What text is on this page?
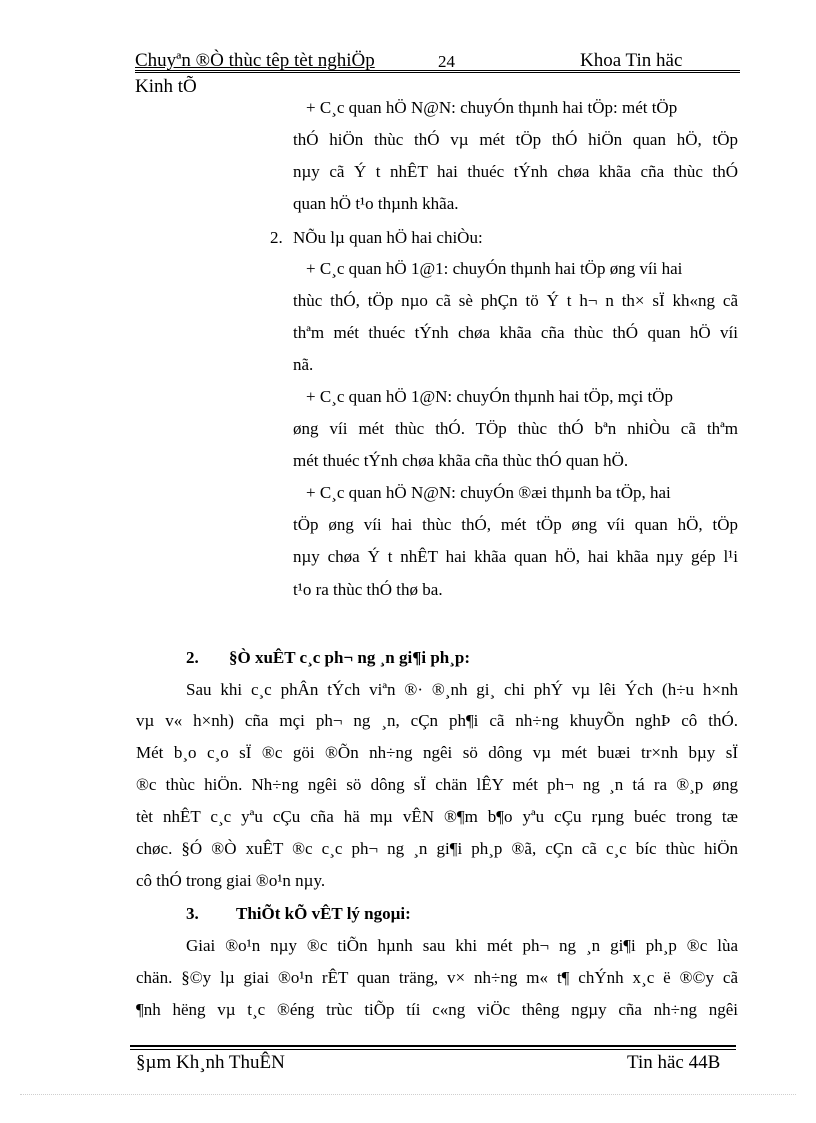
Chuyªn ®Ò thùc têp tèt nghiÖp	24	Khoa Tin häc
Kinh tÕ
+ C¸c quan hÖ N@N: chuyÓn thµnh hai tÖp: mét tÖp
thÓ hiÖn thùc thÓ vµ mét tÖp thÓ hiÖn quan hÖ, tÖp
nµy cã Ý t nhÊT hai thuéc tÝnh chøa khãa cña thùc thÓ
quan hÖ t¹o thµnh khãa.
2. NÕu lµ quan hÖ hai chiÒu:
+ C¸c quan hÖ 1@1: chuyÓn thµnh hai tÖp øng víi hai
thùc thÓ, tÖp nµo cã sè phÇn tö Ý t h¬ n th× sÏ kh«ng cã
thªm mét thuéc tÝnh chøa khãa cña thùc thÓ quan hÖ víi
nã.
+ C¸c quan hÖ 1@N: chuyÓn thµnh hai tÖp, mçi tÖp
øng víi mét thùc thÓ. TÖp thùc thÓ bªn nhiÒu cã thªm
mét thuéc tÝnh chøa khãa cña thùc thÓ quan hÖ.
+ C¸c quan hÖ N@N: chuyÓn ®æi thµnh ba tÖp, hai
tÖp øng víi hai thùc thÓ, mét tÖp øng víi quan hÖ, tÖp
nµy chøa Ý t nhÊT hai khãa quan hÖ, hai khãa nµy gép l¹i
t¹o ra thùc thÓ thø ba.
2. §Ò xuÊT c¸c ph¬ ng ¸n gi¶i ph¸p:
Sau khi c¸c phÂn tÝch viªn ®· ®¸nh gi¸ chi phÝ vµ lêi Ých (h÷u h×nh
vµ v« h×nh) cña mçi ph¬ ng ¸n, cÇn ph¶i cã nh÷ng khuyÕn nghÞ cô thÓ.
Mét b¸o c¸o sÏ ®c göi ®Õn nh÷ng ngêi sö dông vµ mét buæi tr×nh bµy sÏ
®c thùc hiÖn. Nh÷ng ngêi sö dông sÏ chän lÊY mét ph¬ ng ¸n tá ra ®¸p øng
tèt nhÊT c¸c yªu cÇu cña hä mµ vÊN ®¶m b¶o yªu cÇu rµng buéc trong tæ
chøc. §Ó ®Ò xuÊT ®c c¸c ph¬ ng ¸n gi¶i ph¸p ®ã, cÇn cã c¸c bíc thùc hiÖn
cô thÓ trong giai ®o¹n nµy.
3. ThiÕt kÕ vÊT lý ngoµi:
Giai ®o¹n nµy ®c tiÕn hµnh sau khi mét ph¬ ng ¸n gi¶i ph¸p ®c lùa
chän. §©y lµ giai ®o¹n rÊT quan träng, v× nh÷ng m« t¶ chÝnh x¸c ë ®©y cã
¶nh hëng vµ t¸c ®éng trùc tiÕp tíi c«ng viÖc thêng ngµy cña nh÷ng ngêi
§µm Kh¸nh ThuÊN	Tin häc 44B
